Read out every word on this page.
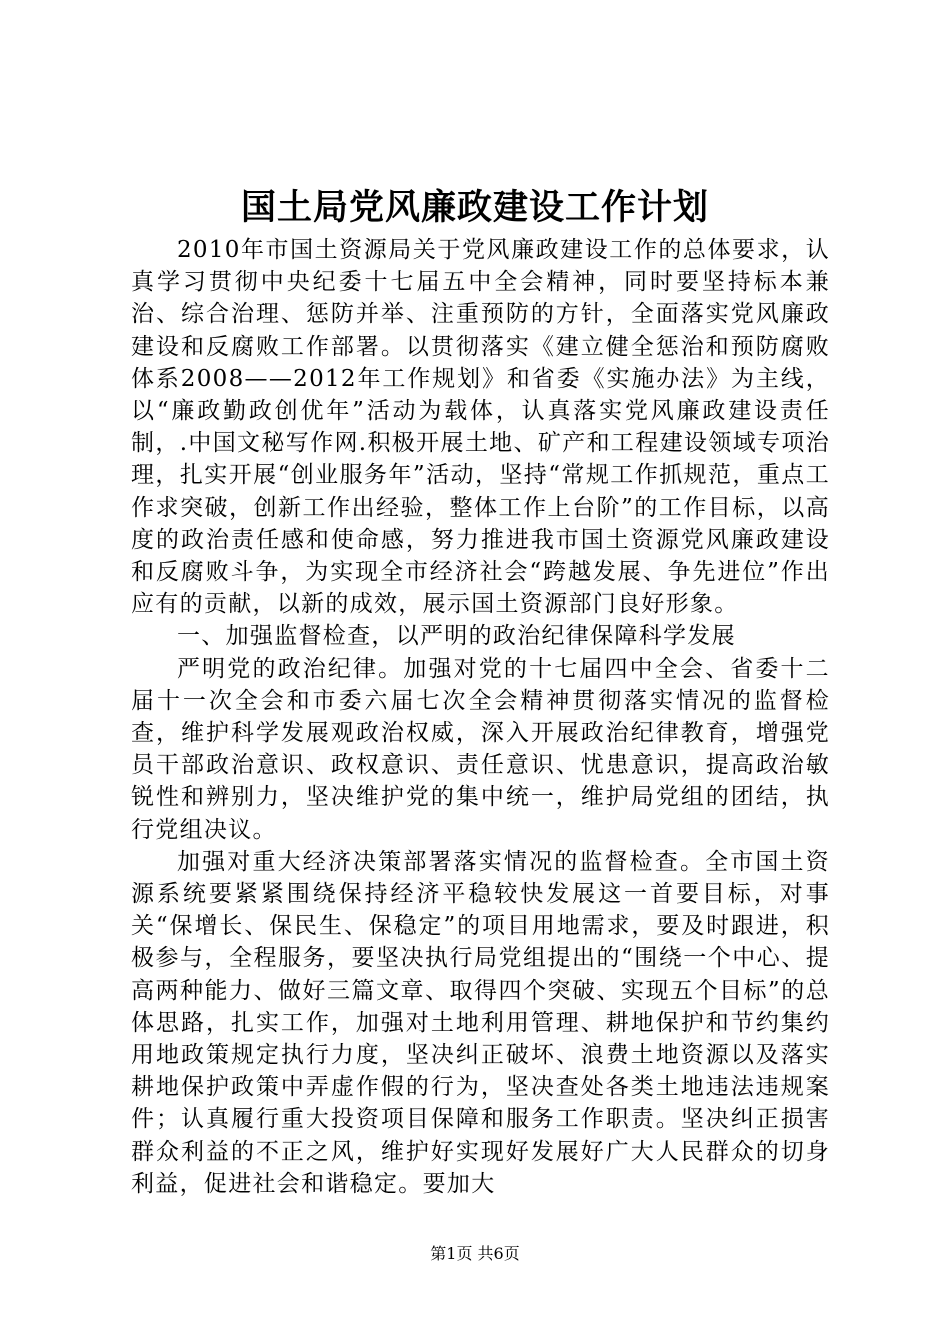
国土局党风廉政建设工作计划

2010年市国土资源局关于党风廉政建设工作的总体要求，认真学习贯彻中央纪委十七届五中全会精神，同时要坚持标本兼治、综合治理、惩防并举、注重预防的方针，全面落实党风廉政建设和反腐败工作部署。以贯彻落实《建立健全惩治和预防腐败体系2008——2012年工作规划》和省委《实施办法》为主线，以“廉政勤政创优年”活动为载体，认真落实党风廉政建设责任制，.中国文秘写作网.积极开展土地、矿产和工程建设领域专项治理，扎实开展“创业服务年”活动，坚持“常规工作抓规范，重点工作求突破，创新工作出经验，整体工作上台阶”的工作目标，以高度的政治责任感和使命感，努力推进我市国土资源党风廉政建设和反腐败斗争，为实现全市经济社会“跨越发展、争先进位”作出应有的贡献，以新的成效，展示国土资源部门良好形象。

一、加强监督检查，以严明的政治纪律保障科学发展

严明党的政治纪律。加强对党的十七届四中全会、省委十二届十一次全会和市委六届七次全会精神贯彻落实情况的监督检查，维护科学发展观政治权威，深入开展政治纪律教育，增强党员干部政治意识、政权意识、责任意识、忧患意识，提高政治敏锐性和辨别力，坚决维护党的集中统一，维护局党组的团结，执行党组决议。

加强对重大经济决策部署落实情况的监督检查。全市国土资源系统要紧紧围绕保持经济平稳较快发展这一首要目标，对事关“保增长、保民生、保稳定”的项目用地需求，要及时跟进，积极参与，全程服务，要坚决执行局党组提出的“围绕一个中心、提高两种能力、做好三篇文章、取得四个突破、实现五个目标”的总体思路，扎实工作，加强对土地利用管理、耕地保护和节约集约用地政策规定执行力度，坚决纠正破坏、浪费土地资源以及落实耕地保护政策中弄虚作假的行为，坚决查处各类土地违法违规案件；认真履行重大投资项目保障和服务工作职责。坚决纠正损害群众利益的不正之风，维护好实现好发展好广大人民群众的切身利益，促进社会和谐稳定。要加大

第1页 共6页
